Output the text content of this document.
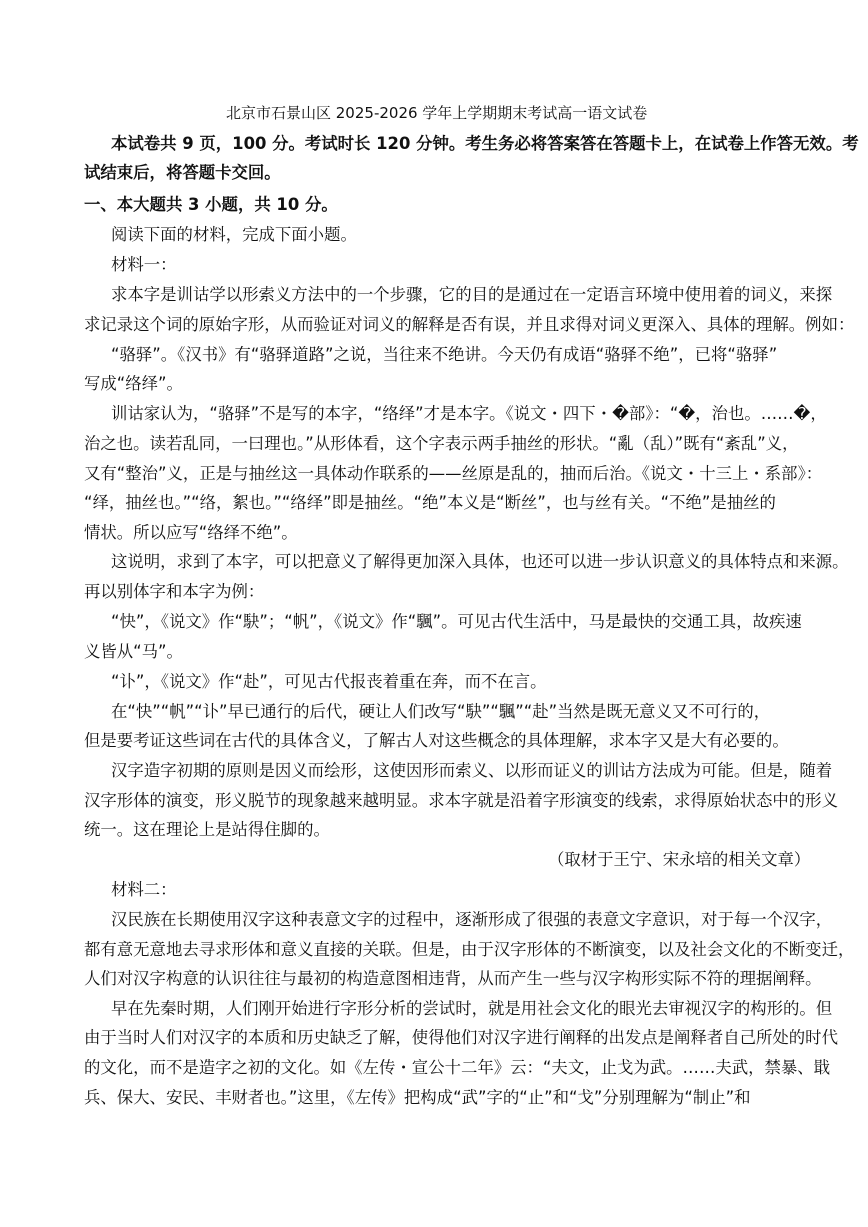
北京市石景山区 2025-2026 学年上学期期末考试高一语文试卷
本试卷共 9 页，100 分。考试时长 120 分钟。考生务必将答案答在答题卡上，在试卷上作答无效。考
试结束后，将答题卡交回。
一、本大题共 3 小题，共 10 分。
阅读下面的材料，完成下面小题。
材料一：
求本字是训诂学以形索义方法中的一个步骤，它的目的是通过在一定语言环境中使用着的词义，来探
求记录这个词的原始字形，从而验证对词义的解释是否有误，并且求得对词义更深入、具体的理解。例如：
“骆驿”。《汉书》有“骆驿道路”之说，当往来不绝讲。今天仍有成语“骆驿不绝”，已将“骆驿”
写成“络绎”。
训诂家认为，“骆驿”不是写的本字，“络绎”才是本字。《说文・四下・�部》：“�，治也。……�，
治之也。读若乱同，一曰理也。”从形体看，这个字表示两手抽丝的形状。“亂（乱）”既有“紊乱”义，
又有“整治”义，正是与抽丝这一具体动作联系的——丝原是乱的，抽而后治。《说文・十三上・系部》：
“绎，抽丝也。”“络，絮也。”“络绎”即是抽丝。“绝”本义是“断丝”，也与丝有关。“不绝”是抽丝的
情状。所以应写“络绎不绝”。
这说明，求到了本字，可以把意义了解得更加深入具体，也还可以进一步认识意义的具体特点和来源。
再以别体字和本字为例：
“快”，《说文》作“駃”；“帆”，《说文》作“颿”。可见古代生活中，马是最快的交通工具，故疾速
义皆从“马”。
“讣”，《说文》作“赴”，可见古代报丧着重在奔，而不在言。
在“快”“帆”“讣”早已通行的后代，硬让人们改写“駃”“颿”“赴”当然是既无意义又不可行的，
但是要考证这些词在古代的具体含义，了解古人对这些概念的具体理解，求本字又是大有必要的。
汉字造字初期的原则是因义而绘形，这使因形而索义、以形而证义的训诂方法成为可能。但是，随着
汉字形体的演变，形义脱节的现象越来越明显。求本字就是沿着字形演变的线索，求得原始状态中的形义
统一。这在理论上是站得住脚的。
（取材于王宁、宋永培的相关文章）
材料二：
汉民族在长期使用汉字这种表意文字的过程中，逐渐形成了很强的表意文字意识，对于每一个汉字，
都有意无意地去寻求形体和意义直接的关联。但是，由于汉字形体的不断演变，以及社会文化的不断变迁，
人们对汉字构意的认识往往与最初的构造意图相违背，从而产生一些与汉字构形实际不符的理据阐释。
早在先秦时期，人们刚开始进行字形分析的尝试时，就是用社会文化的眼光去审视汉字的构形的。但
由于当时人们对汉字的本质和历史缺乏了解，使得他们对汉字进行阐释的出发点是阐释者自己所处的时代
的文化，而不是造字之初的文化。如《左传・宣公十二年》云：“夫文，止戈为武。……夫武，禁暴、戢
兵、保大、安民、丰财者也。”这里，《左传》把构成“武”字的“止”和“戈”分别理解为“制止”和
